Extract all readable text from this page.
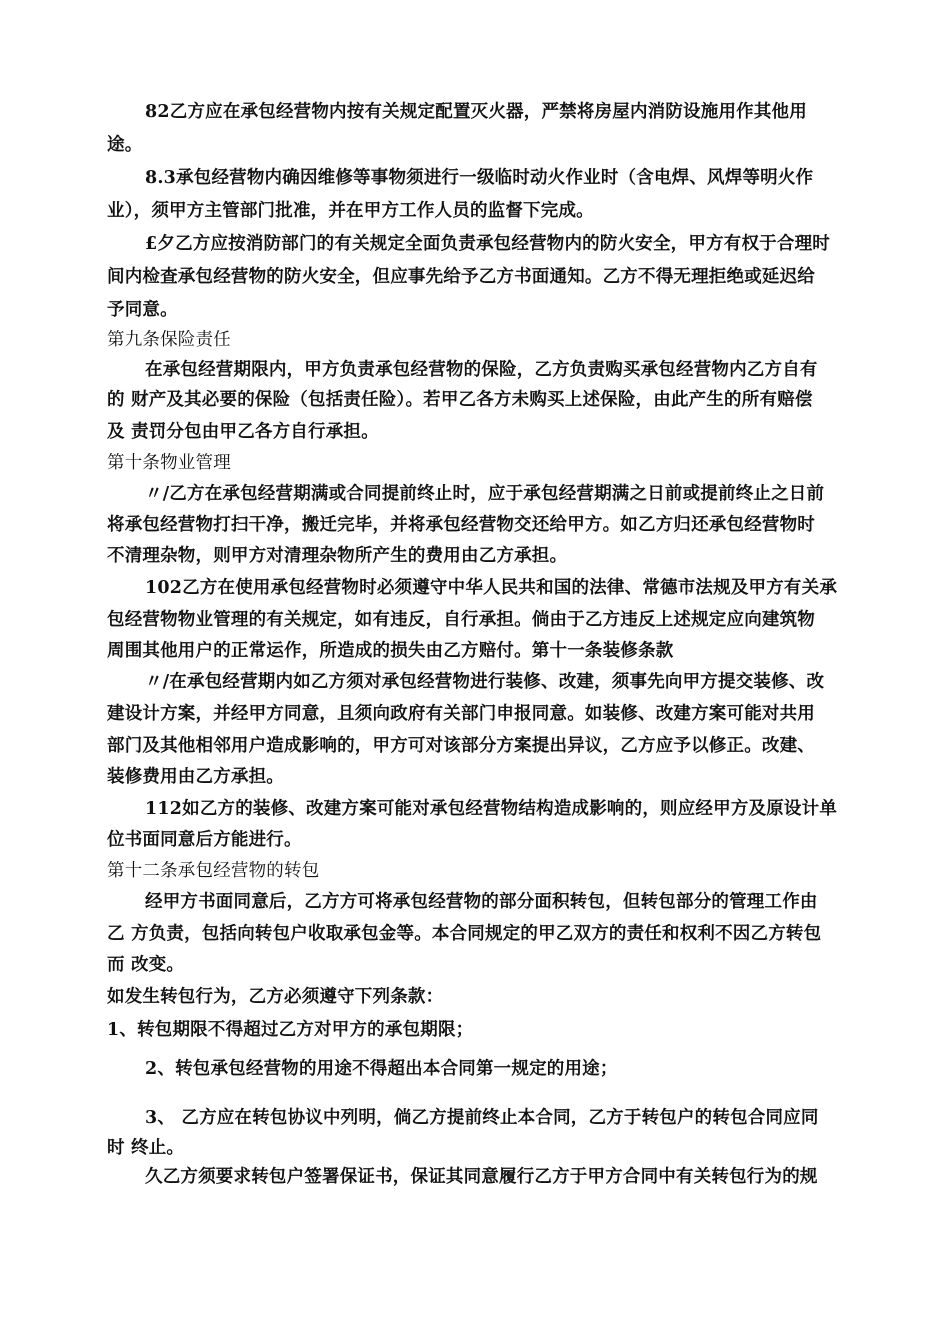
82乙方应在承包经营物内按有关规定配置灭火器，严禁将房屋内消防设施用作其他用
途。
8.3承包经营物内确因维修等事物须进行一级临时动火作业时（含电焊、风焊等明火作
业），须甲方主管部门批准，并在甲方工作人员的监督下完成。
£夕乙方应按消防部门的有关规定全面负责承包经营物内的防火安全，甲方有权于合理时
间内检查承包经营物的防火安全，但应事先给予乙方书面通知。乙方不得无理拒绝或延迟给
予同意。
第九条保险责任
在承包经营期限内，甲方负责承包经营物的保险，乙方负责购买承包经营物内乙方自有
的 财产及其必要的保险（包括责任险）。若甲乙各方未购买上述保险，由此产生的所有赔偿
及 责罚分包由甲乙各方自行承担。
第十条物业管理
〃/乙方在承包经营期满或合同提前终止时，应于承包经营期满之日前或提前终止之日前
将承包经营物打扫干净，搬迁完毕，并将承包经营物交还给甲方。如乙方归还承包经营物时
不清理杂物，则甲方对清理杂物所产生的费用由乙方承担。
102乙方在使用承包经营物时必须遵守中华人民共和国的法律、常德市法规及甲方有关承
包经营物物业管理的有关规定，如有违反，自行承担。倘由于乙方违反上述规定应向建筑物
周围其他用户的正常运作，所造成的损失由乙方赔付。第十一条装修条款
〃/在承包经营期内如乙方须对承包经营物进行装修、改建，须事先向甲方提交装修、改
建设计方案，并经甲方同意，且须向政府有关部门申报同意。如装修、改建方案可能对共用
部门及其他相邻用户造成影响的，甲方可对该部分方案提出异议，乙方应予以修正。改建、
装修费用由乙方承担。
112如乙方的装修、改建方案可能对承包经营物结构造成影响的，则应经甲方及原设计单
位书面同意后方能进行。
第十二条承包经营物的转包
经甲方书面同意后，乙方方可将承包经营物的部分面积转包，但转包部分的管理工作由
乙 方负责，包括向转包户收取承包金等。本合同规定的甲乙双方的责任和权利不因乙方转包
而 改变。
如发生转包行为，乙方必须遵守下列条款：
1、转包期限不得超过乙方对甲方的承包期限；
2、转包承包经营物的用途不得超出本合同第一规定的用途；
3、 乙方应在转包协议中列明，倘乙方提前终止本合同，乙方于转包户的转包合同应同
时 终止。
久乙方须要求转包户签署保证书，保证其同意履行乙方于甲方合同中有关转包行为的规
